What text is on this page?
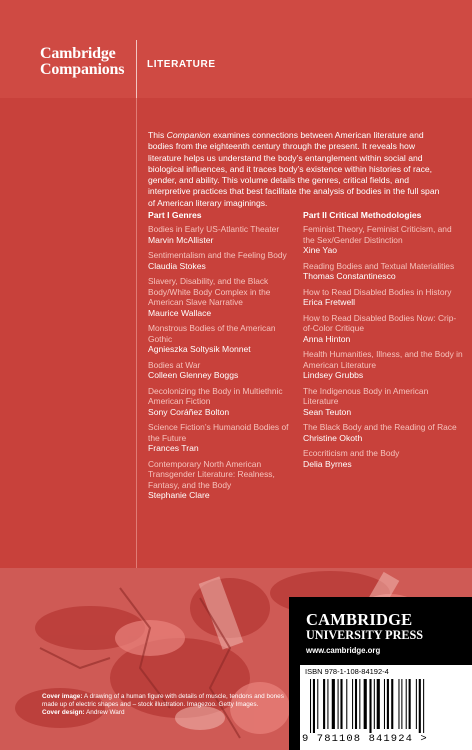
Cambridge
Companions LITERATURE
This Companion examines connections between American literature and bodies from the eighteenth century through the present. It reveals how literature helps us understand the body’s entanglement within social and biological influences, and it traces body’s existence within histories of race, gender, and ability. This volume details the genres, critical fields, and interpretive practices that best facilitate the analysis of bodies in the full span of American literary imaginings.
Part I Genres
Bodies in Early US-Atlantic Theater
Marvin McAllister
Sentimentalism and the Feeling Body
Claudia Stokes
Slavery, Disability, and the Black Body/White Body Complex in the American Slave Narrative
Maurice Wallace
Monstrous Bodies of the American Gothic
Agnieszka Soltysik Monnet
Bodies at War
Colleen Glenney Boggs
Decolonizing the Body in Multiethnic American Fiction
Sony Coráñez Bolton
Science Fiction’s Humanoid Bodies of the Future
Frances Tran
Contemporary North American Transgender Literature: Realness, Fantasy, and the Body
Stephanie Clare
Part II Critical Methodologies
Feminist Theory, Feminist Criticism, and the Sex/Gender Distinction
Xine Yao
Reading Bodies and Textual Materialities
Thomas Constantinesco
How to Read Disabled Bodies in History
Erica Fretwell
How to Read Disabled Bodies Now: Crip-of-Color Critique
Anna Hinton
Health Humanities, Illness, and the Body in American Literature
Lindsey Grubbs
The Indigenous Body in American Literature
Sean Teuton
The Black Body and the Reading of Race
Christine Okoth
Ecocriticism and the Body
Delia Byrnes
Cover image: A drawing of a human figure with details of muscle, tendons and bones made up of electric shapes and – stock illustration. Imagezoo. Getty Images.
Cover design: Andrew Ward
CAMBRIDGE
UNIVERSITY PRESS
www.cambridge.org
ISBN 978-1-108-84192-4
9 781108 841924 >
